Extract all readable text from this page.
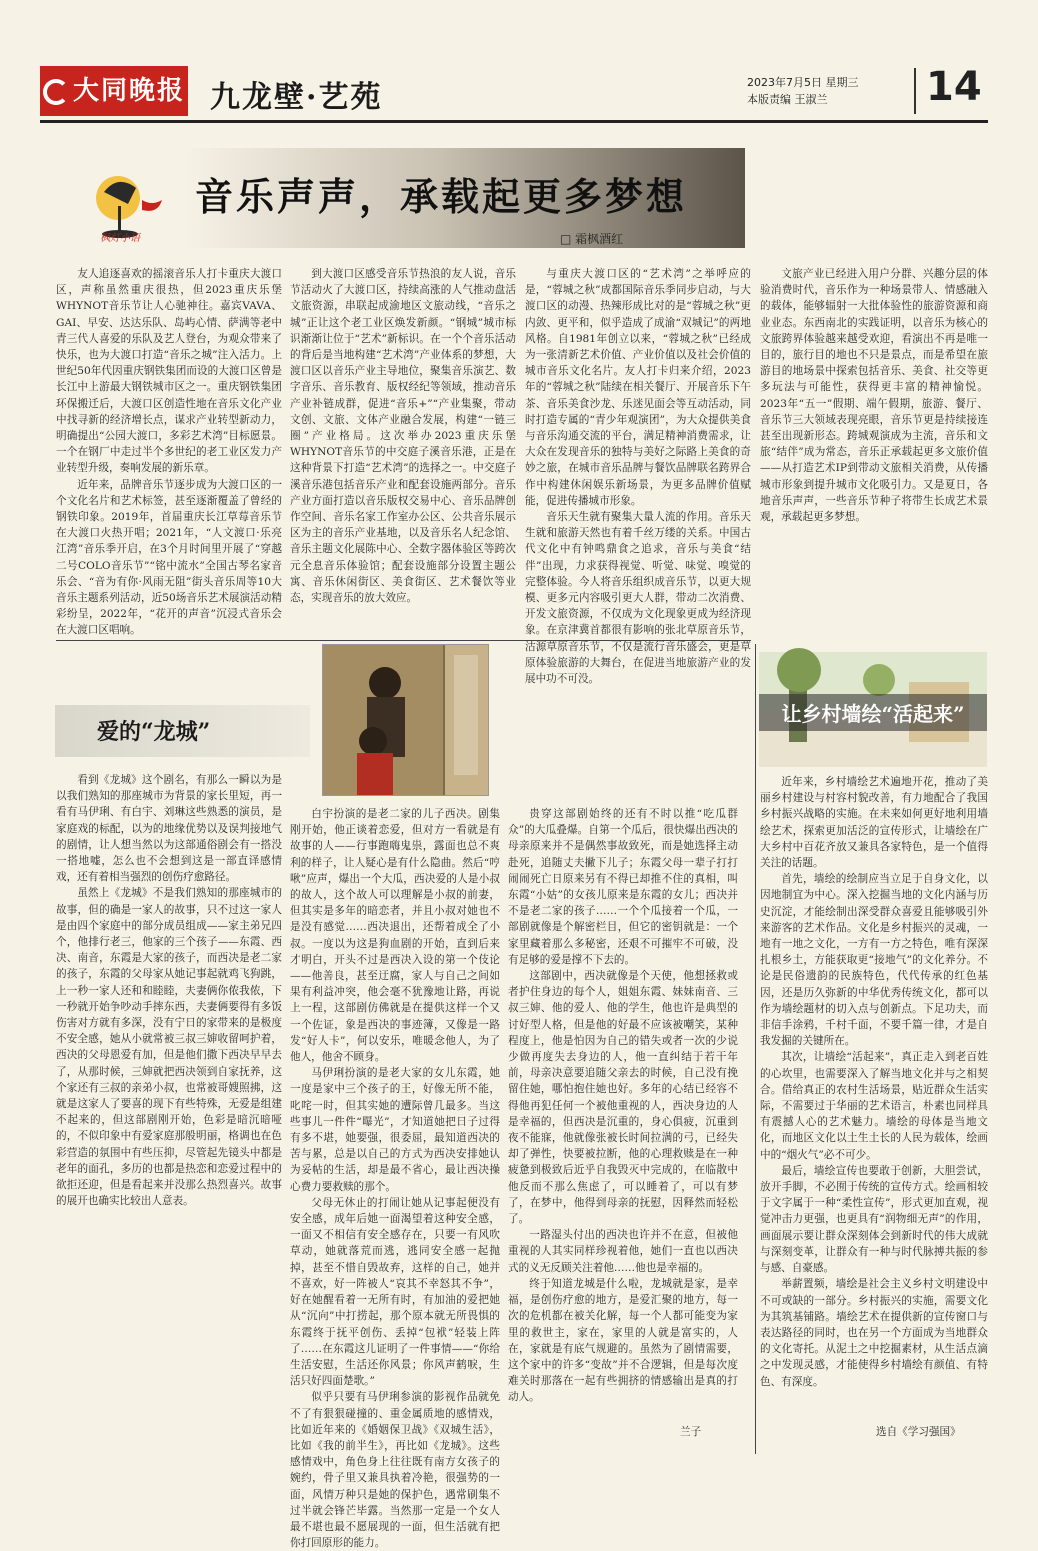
大同晚报 九龙壁·艺苑	2023年7月5日 星期三
本版责编 王淑兰	14
枫灯小语
音乐声声，承载起更多梦想
□ 霜枫酒红

友人追逐喜欢的摇滚音乐人打卡重庆大渡口区，声称虽然重庆很热，但2023重庆乐堡WHYNOT音乐节让人心驰神往。嘉宾VAVA、GAI、早安、达达乐队、岛屿心情、萨满等老中青三代人喜爱的乐队及艺人登台，为观众带来了快乐，也为大渡口打造“音乐之城”注入活力。上世纪50年代因重庆钢铁集团而设的大渡口区曾是长江中上游最大钢铁城市区之一。重庆钢铁集团环保搬迁后，大渡口区创造性地在音乐文化产业中找寻新的经济增长点，谋求产业转型新动力，明确提出“公园大渡口，多彩艺术湾”目标愿景。一个在钢厂中走过半个多世纪的老工业区发力产业转型升级，奏响发展的新乐章。

近年来，品牌音乐节逐步成为大渡口区的一个文化名片和艺术标签，甚至逐渐覆盖了曾经的钢铁印象。2019年，首届重庆长江草莓音乐节在大渡口火热开唱；2021年，“人文渡口·乐亮江湾”音乐季开启，在3个月时间里开展了“穿越二号COLO音乐节”“铭中流水”全国古琴名家音乐会、“音为有你·风雨无阻”街头音乐周等10大音乐主题系列活动，近50场音乐艺术展演活动精彩纷呈，2022年，“花开的声音”沉浸式音乐会在大渡口区唱响。

到大渡口区感受音乐节热浪的友人说，音乐节活动火了大渡口区，持续高涨的人气推动盘活文旅资源，串联起成渝地区文旅动线，“音乐之城”正让这个老工业区焕发新颜。“钢城”城市标识渐渐让位于“艺术”新标识。在一个个音乐活动的背后是当地构建“艺术湾”产业体系的梦想，大渡口区以音乐产业主导地位，聚集音乐演艺、数字音乐、音乐教育、版权经纪等领域，推动音乐产业补链成群，促进“音乐+”“产业集聚，带动文创、文旅、文体产业融合发展，构建“一链三圈”产业格局。这次举办2023重庆乐堡WHYNOT音乐节的中交庭子溪音乐港，正是在这种背景下打造“艺术湾”的选择之一。中交庭子溪音乐港包括音乐产业和配套设施两部分。音乐产业方面打造以音乐版权交易中心、音乐品牌创作空间、音乐名家工作室办公区、公共音乐展示区为主的音乐产业基地，以及音乐名人纪念馆、音乐主题文化展陈中心、全数字器体验区等跨次元全息音乐体验馆；配套设施部分设置主题公寓、音乐休闲街区、美食街区、艺术餐饮等业态，实现音乐的放大效应。

与重庆大渡口区的“艺术湾”之举呼应的是，“蓉城之秋”成都国际音乐季同步启动，与大渡口区的动漫、热辣形成比对的是“蓉城之秋”更内敛、更平和，似乎造成了成渝“双城记”的两地风格。自1981年创立以来，“蓉城之秋”已经成为一张清新艺术价值、产业价值以及社会价值的城市音乐文化名片。友人打卡归来介绍，2023年的“蓉城之秋”陆续在相关餐厅、开展音乐下午茶、音乐美食沙龙、乐迷见面会等互动活动，同时打造专属的“青少年观演团”，为大众提供美食与音乐沟通交流的平台，满足精神消费需求，让大众在发现音乐的独特与美好之际路上美食的奇妙之旅，在城市音乐品牌与餐饮品牌联名跨界合作中构建休闲娱乐新场景，为更多品牌价值赋能，促进传播城市形象。

音乐天生就有聚集大量人流的作用。音乐天生就和旅游天然也有着千丝万缕的关系。中国古代文化中有钟鸣鼎食之追求，音乐与美食“结伴”出现，力求获得视觉、听觉、味觉、嗅觉的完整体验。今人将音乐组织成音乐节，以更大规模、更多元内容吸引更大人群，带动二次消费、开发文旅资源，不仅成为文化现象更成为经济现象。在京津冀首都很有影响的张北草原音乐节，沽源草原音乐节，不仅是流行音乐盛会，更是草原体验旅游的大舞台，在促进当地旅游产业的发展中功不可没。

文旅产业已经进入用户分群、兴趣分层的体验消费时代，音乐作为一种场景带人、情感融入的载体，能够辐射一大批体验性的旅游资源和商业业态。东西南北的实践证明，以音乐为核心的文旅跨界体验越来越受欢迎，看演出不再是唯一目的，旅行目的地也不只是景点，而是希望在旅游目的地场景中探索包括音乐、美食、社交等更多玩法与可能性，获得更丰富的精神愉悦。2023年“五一”假期、端午假期，旅游、餐厅、音乐节三大领域表现亮眼，音乐节更是持续接连甚至出现新形态。跨城观演成为主流，音乐和文旅“结伴”成为常态，音乐正承载起更多文旅价值——从打造艺术IP到带动文旅相关消费，从传播城市形象到提升城市文化吸引力。又是夏日，各地音乐声声，一些音乐节种子将带生长成艺术景观，承载起更多梦想。

爱的“龙城”

看到《龙城》这个剧名，有那么一瞬以为是以我们熟知的那座城市为背景的家长里短，再一看有马伊琍、有白宇、刘琳这些熟悉的演员，是家庭戏的标配，以为的地缘优势以及误判接地气的剧情，让人想当然以为这部通俗剧会有一搭没一搭地嘘，怎么也不会想到这是一部直译感情戏，还有着相当强烈的创伤疗愈路径。

虽然上《龙城》不是我们熟知的那座城市的故事，但的确是一家人的故事，只不过这一家人是由四个家庭中的部分成员组成——家主弟兄四个，他排行老三，他家的三个孩子——东霞、西决、南音，东霞是大家的孩子，而西决是老二家的孩子，东霞的父母家从她记事起就鸡飞狗跳，上一秒一家人还和和睦睦，夫妻俩你侬我侬，下一秒就开始争吵动手摔东西，夫妻俩要得有多饭伤害对方就有多深，没有宁日的家带来的是极度不安全感，她从小就常被三叔三婶收留呵护着，西决的父母恩爱有加，但是他们撒下西决早早去了，从那时候，三婶就把西决领到自家抚养，这个家还有三叔的亲弟小叔，也常被哥嫂照拂，这就是这家人了要喜的现下有些特殊，无爱是组建不起来的，但这部剧刚开始，色彩是暗沉暗哑的，不似印象中有爱家庭那般明丽，格调也在色彩营造的氛围中有些压抑，尽管起先镜头中都是老年的面孔，多历的也都是热恋和恋爱过程中的欲拒还迎，但是看起来并没那么热烈喜兴。故事的展开也确实比较出人意表。

白宇扮演的是老二家的儿子西决。剧集刚开始，他正谈着恋爱，但对方一看就是有故事的人——行事跑嗨鬼祟，露面也总不爽利的样子，让人疑心是有什么隐曲。然后“哼啾”应声，爆出一个大瓜，西决爱的人是小叔的故人，这个故人可以理解是小叔的前妻，但其实是多年的暗恋者，并且小叔对她也不是没有感觉……西决退出，还帮着成全了小叔。一度以为这是狗血剧的开始，直到后来才明白，开头不过是西决入设的第一个伎论——他善良，甚至迂腐，家人与自己之间如果有利益冲突，他会毫不犹豫地让路，再说上一程，这部剧仿佛就是在提供这样一个又一个佐证，象是西决的事迹簿，又像是一路发“好人卡”，何以安乐，唯暖念他人，为了他人，他舍不顾身。

马伊琍扮演的是老大家的女儿东霞，她一度是家中三个孩子的王，好像无所不能，叱咤一时，但其实她的遭际曾几最多。当这些事儿一件件“曝光”，才知道她把日子过得有多不堪，她要强，很委屈，最知道西决的苦与累，总是以自己的方式为西决安排她认为妥帖的生活，却是最不省心，最让西决操心费力要救赎的那个。

父母无休止的打闹让她从记事起便没有安全感，成年后她一面渴望着这种安全感，一面又不相信有安全感存在，只要一有风吹草动，她就落荒而逃，逃同安全感一起抛掉，甚至不惜自毁故弃，这样的自己，她并不喜欢，好一阵被人“哀其不幸怒其不争”，好在她醒看着一无所有时，有加油的爱把她从“沉向”中打捞起，那个原本就无所畏惧的东霞终于抚平创伤、丢掉“包袱”轻装上阵了……在东霞这儿证明了一件事情——“你给生活安慰，生活还你风景；你风声鹤唳，生活只好四面楚歌。”

似乎只要有马伊琍参演的影视作品就免不了有狠狠碰撞的、重金属质地的感情戏，比如近年来的《婚姻保卫战》《双城生活》，比如《我的前半生》，再比如《龙城》。这些感情戏中，角色身上往往既有南方女孩子的婉约，骨子里又兼具执着冷艳，很强势的一面，风情万种只是她的保护色，遇常刷集不过半就会锋芒毕露。当然那一定是一个女人最不堪也最不愿展现的一面，但生活就有把你打回原形的能力。

贵穿这部剧始终的还有不时以推“吃瓜群众”的大瓜叠爆。自第一个瓜后，很快爆出西决的母亲原来并不是偶然事故致死，而是她选择主动赴死，追随丈夫撇下儿子；东霞父母一辈子打打闹闹死亡日原来另有不得已却推不住的真相，叫东霞“小姑”的女孩儿原来是东霞的女儿；西决并不是老二家的孩子……一个个瓜接着一个瓜，一部剧就像是个解密栏目，但它的密钥就是：一个家里藏着那么多秘密，还艰不可摧牢不可破，没有足够的爱是撑不下去的。

这部剧中，西决就像是个天使，他想拯救或者护住身边的每个人，姐姐东霞、妹妹南音、三叔三婶、他的爱人、他的学生，他也许是典型的讨好型人格，但是他的好最不应该被嘲笑，某种程度上，他是怕因为自己的错失或者一次的少说少做再度失去身边的人，他一直纠结于若干年前，母亲决意要追随父亲去的时候，自己没有挽留住她，哪怕抱住她也好。多年的心结已经容不得他再犯任何一个被他重视的人，西决身边的人是幸福的，但西决是沉重的，身心俱疲，沉重到夜不能寐，他就像张被长时间拉满的弓，已经失却了弹性，快要被拉断，他的心理救赎是在一种疲惫到极致后近乎自我毁灭中完成的，在临散中他反而不那么焦虑了，可以睡着了，可以有梦了，在梦中，他得到母亲的抚慰，因释然而轻松了。

一路湿头付出的西决也许并不在意，但被他重视的人其实同样珍视着他，她们一直也以西决式的义无反顾关注着他……他也是幸福的。

终于知道龙城是什么啦，龙城就是家，是幸福，是创伤疗愈的地方，是爱汇聚的地方，每一次的危机都在被关化解，每一个人都可能变为家里的救世主，家在，家里的人就是富实的，人在，家就是有底气规避的。虽然为了剧情需要，这个家中的许多“变故”并不合逻辑，但是每次度难关时那落在一起有些拥挤的情感输出是真的打动人。

兰子
让乡村墙绘“活起来”

近年来，乡村墙绘艺术遍地开花，推动了美丽乡村建设与村容村貌改善，有力地配合了我国乡村振兴战略的实施。在未来如何更好地利用墙绘艺术，探索更加活泛的宣传形式，让墙绘在广大乡村中百花齐放又兼具各家特色，是一个值得关注的话题。

首先，墙绘的绘制应当立足于自身文化，以因地制宜为中心。深入挖掘当地的文化内涵与历史沉淀，才能绘制出深受群众喜爱且能够吸引外来游客的艺术作品。文化是乡村振兴的灵魂，一地有一地之文化，一方有一方之特色，唯有深深扎根乡土，方能获取更“接地气”的文化养分。不论是民俗遗韵的民族特色，代代传承的红色基因，还是历久弥新的中华优秀传统文化，都可以作为墙绘题材的切入点与创新点。下足功夫，而非信手涂鸦，千村千面，不要千篇一律，才是自我发掘的关键所在。

其次，让墙绘“活起来”，真正走入到老百姓的心坎里，也需要深入了解当地文化并与之相契合。借给真正的农村生活场景，贴近群众生活实际，不需要过于华丽的艺术语言，朴素也同样具有震撼人心的艺术魅力。墙绘的母体是当地文化，而地区文化以土生土长的人民为载体，绘画中的“烟火气”必不可少。

最后，墙绘宣传也要敢于创新，大胆尝试，放开手脚，不必囿于传统的宣传方式。绘画相较于文字属于一种“柔性宣传”，形式更加直观，视觉冲击力更强，也更具有“润物细无声”的作用，画面展示要让群众深刻体会到新时代的伟大成就与深刻变革，让群众有一种与时代脉搏共振的参与感、自豪感。

举薪置频，墙绘是社会主义乡村文明建设中不可或缺的一部分。乡村振兴的实施，需要文化为其筑基铺路。墙绘艺术在提供新的宣传窗口与表达路径的同时，也在另一个方面成为当地群众的文化寄托。从泥土之中挖掘素材，从生活点滴之中发现灵感，才能使得乡村墙绘有颜值、有特色、有深度。

选自《学习强国》
